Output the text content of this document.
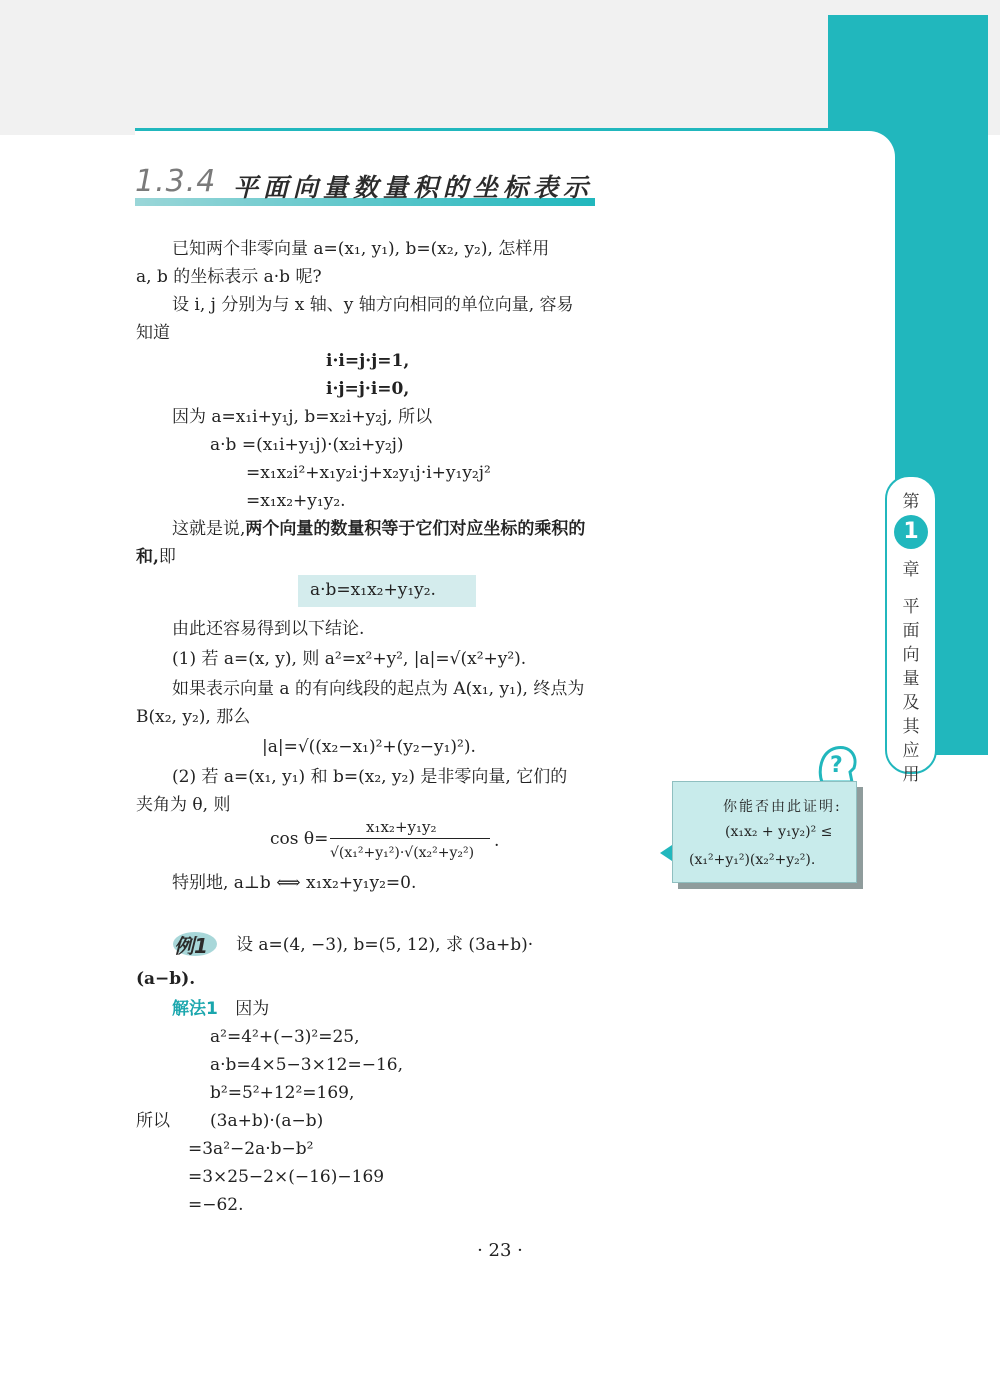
1.3.4 平面向量数量积的坐标表示
已知两个非零向量 a=(x₁, y₁), b=(x₂, y₂), 怎样用
a, b 的坐标表示 a·b 呢?
设 i, j 分别为与 x 轴、y 轴方向相同的单位向量, 容易
知道
i·i=j·j=1,
i·j=j·i=0,
因为 a=x₁i+y₁j, b=x₂i+y₂j, 所以
a·b =(x₁i+y₁j)·(x₂i+y₂j)
=x₁x₂i²+x₁y₂i·j+x₂y₁j·i+y₁y₂j²
=x₁x₂+y₁y₂.
这就是说,两个向量的数量积等于它们对应坐标的乘积的
和,即
a·b=x₁x₂+y₁y₂.
由此还容易得到以下结论.
(1) 若 a=(x, y), 则 a²=x²+y², |a|=√(x²+y²).
如果表示向量 a 的有向线段的起点为 A(x₁, y₁), 终点为
B(x₂, y₂), 那么
|a|=√((x₂−x₁)²+(y₂−y₁)²).
(2) 若 a=(x₁, y₁) 和 b=(x₂, y₂) 是非零向量, 它们的
夹角为 θ, 则
cos θ=
x₁x₂+y₁y₂
√(x₁²+y₁²)·√(x₂²+y₂²)
.
特别地, a⊥b ⟺ x₁x₂+y₁y₂=0.
例1 设 a=(4, −3), b=(5, 12), 求 (3a+b)·
(a−b).
解法1 因为
a²=4²+(−3)²=25,
a·b=4×5−3×12=−16,
b²=5²+12²=169,
所以 (3a+b)·(a−b)
=3a²−2a·b−b²
=3×25−2×(−16)−169
=−62.
第
1
章
平
面
向
量
及
其
应
用
?
你能否由此证明:
(x₁x₂ + y₁y₂)² ≤
(x₁²+y₁²)(x₂²+y₂²).
· 23 ·
